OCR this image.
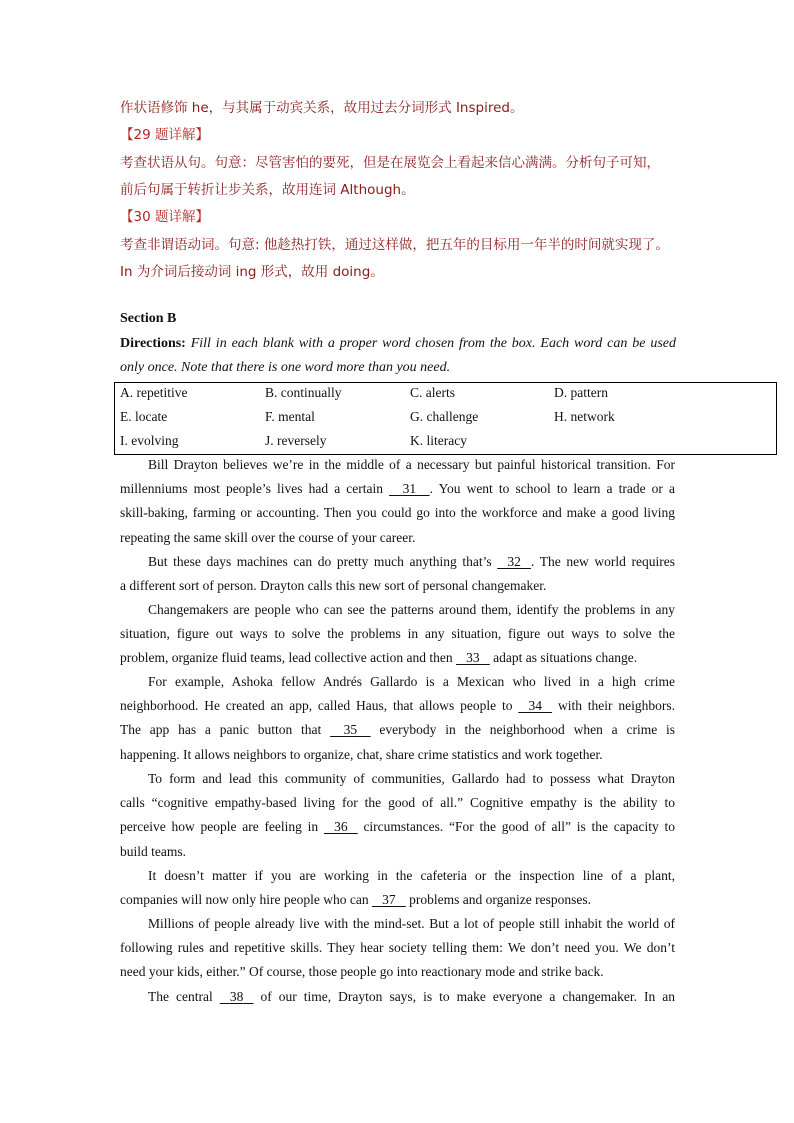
作状语修饰 he，与其属于动宾关系，故用过去分词形式 Inspired。
【29 题详解】
考查状语从句。句意：尽管害怕的要死，但是在展览会上看起来信心满满。分析句子可知，
前后句属于转折让步关系，故用连词 Although。
【30 题详解】
考查非谓语动词。句意: 他趁热打铁，通过这样做，把五年的目标用一年半的时间就实现了。
In 为介词后接动词 ing 形式，故用 doing。
Section B
Directions: Fill in each blank with a proper word chosen from the box. Each word can be used
only once. Note that there is one word more than you need.
A. repetitive	B. continually	C. alerts	D. pattern
E. locate	F. mental	G. challenge	H. network
I. evolving	J. reversely	K. literacy
Bill Drayton believes we’re in the middle of a necessary but painful historical transition. For
millenniums most people’s lives had a certain     31 . You went to school to learn a trade or a
skill-baking, farming or accounting. Then you could go into the workforce and make a good living
repeating the same skill over the course of your career.
But these days machines can do pretty much anything that’s    32 . The new world requires
a different sort of person. Drayton calls this new sort of personal changemaker.
Changemakers are people who can see the patterns around them, identify the problems in any
situation, figure out ways to solve the problems in any situation, figure out ways to solve the
problem, organize fluid teams, lead collective action and then    33    adapt as situations change.
For example, Ashoka fellow Andrés Gallardo is a Mexican who lived in a high crime
neighborhood. He created an app, called Haus, that allows people to    34    with their neighbors.
The app has a panic button that     35     everybody in the neighborhood when a crime is
happening. It allows neighbors to organize, chat, share crime statistics and work together.
To form and lead this community of communities, Gallardo had to possess what Drayton
calls “cognitive empathy-based living for the good of all.” Cognitive empathy is the ability to
perceive how people are feeling in    36    circumstances. “For the good of all” is the capacity to
build teams.
It doesn’t matter if you are working in the cafeteria or the inspection line of a plant,
companies will now only hire people who can    37    problems and organize responses.
Millions of people already live with the mind-set. But a lot of people still inhabit the world of
following rules and repetitive skills. They hear society telling them: We don’t need you. We don’t
need your kids, either.” Of course, those people go into reactionary mode and strike back.
The central    38    of our time, Drayton says, is to make everyone a changemaker. In an
